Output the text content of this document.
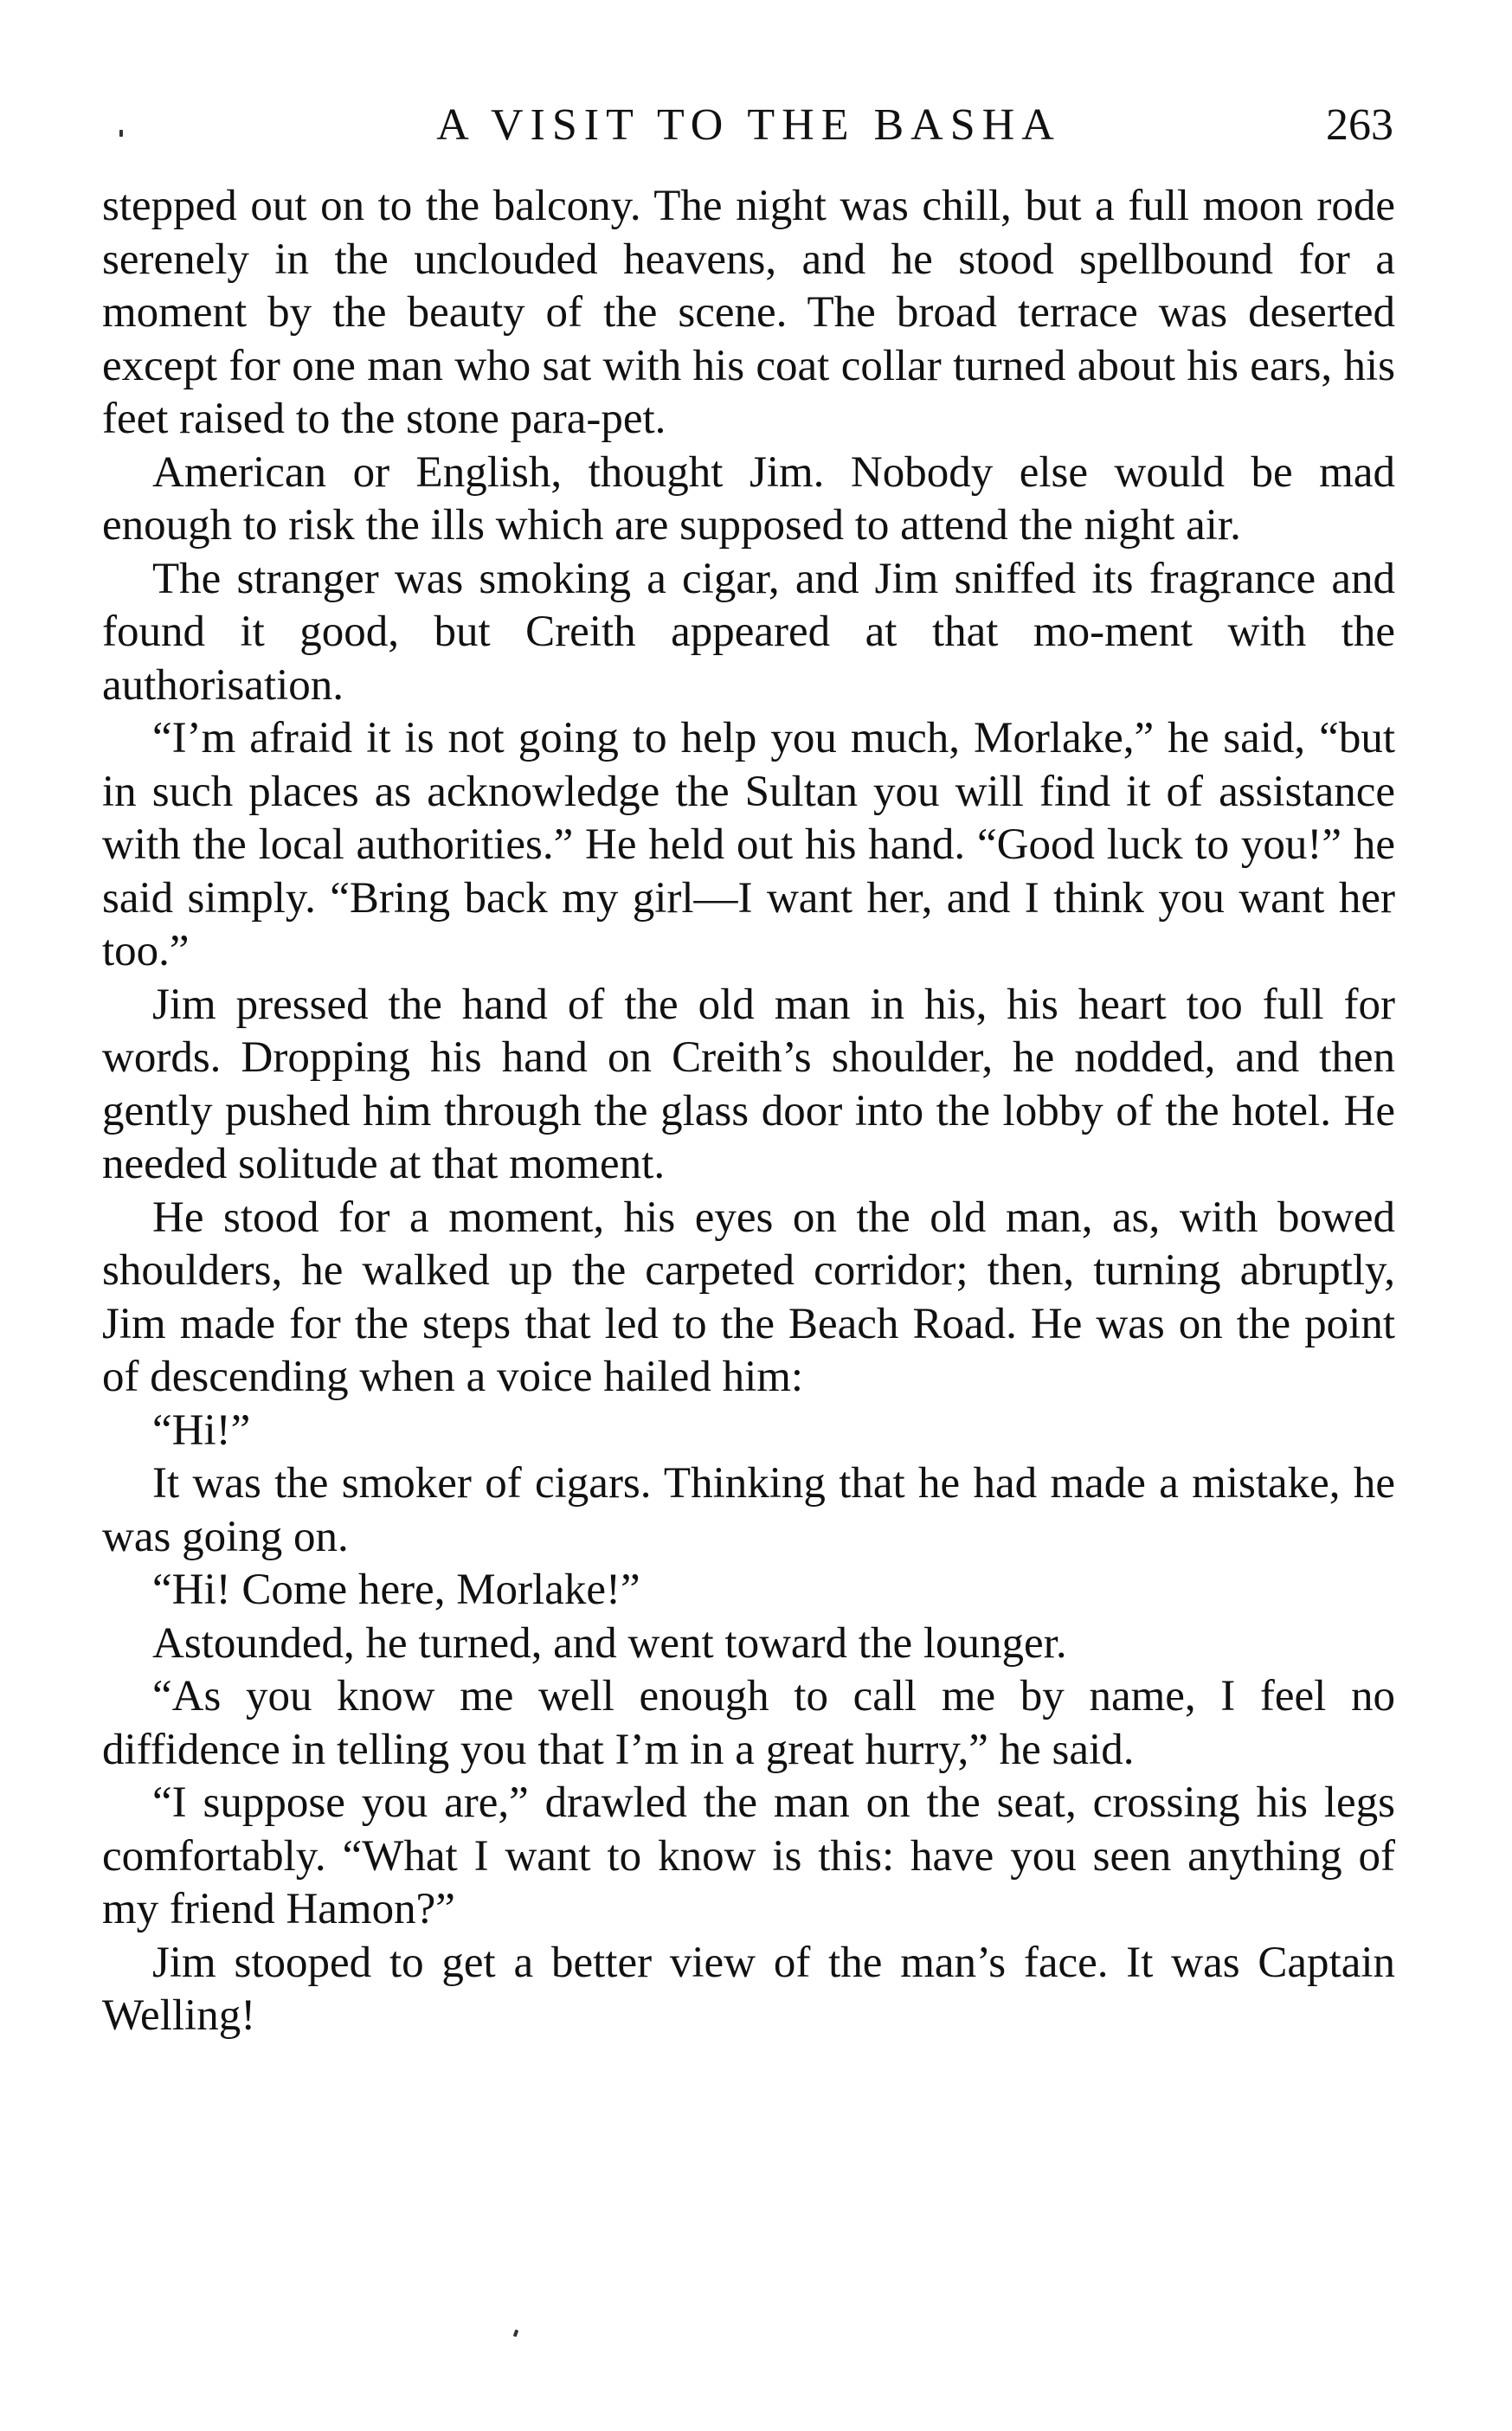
A VISIT TO THE BASHA	263

stepped out on to the balcony. The night was chill, but a full moon rode serenely in the unclouded heavens, and he stood spellbound for a moment by the beauty of the scene. The broad terrace was deserted except for one man who sat with his coat collar turned about his ears, his feet raised to the stone para-pet.

American or English, thought Jim. Nobody else would be mad enough to risk the ills which are supposed to attend the night air.

The stranger was smoking a cigar, and Jim sniffed its fragrance and found it good, but Creith appeared at that mo-ment with the authorisation.

“I’m afraid it is not going to help you much, Morlake,” he said, “but in such places as acknowledge the Sultan you will find it of assistance with the local authorities.” He held out his hand. “Good luck to you!” he said simply. “Bring back my girl—I want her, and I think you want her too.”

Jim pressed the hand of the old man in his, his heart too full for words. Dropping his hand on Creith’s shoulder, he nodded, and then gently pushed him through the glass door into the lobby of the hotel. He needed solitude at that moment.

He stood for a moment, his eyes on the old man, as, with bowed shoulders, he walked up the carpeted corridor; then, turning abruptly, Jim made for the steps that led to the Beach Road. He was on the point of descending when a voice hailed him:

“Hi!”

It was the smoker of cigars. Thinking that he had made a mistake, he was going on.

“Hi! Come here, Morlake!”

Astounded, he turned, and went toward the lounger.

“As you know me well enough to call me by name, I feel no diffidence in telling you that I’m in a great hurry,” he said.

“I suppose you are,” drawled the man on the seat, crossing his legs comfortably. “What I want to know is this: have you seen anything of my friend Hamon?”

Jim stooped to get a better view of the man’s face. It was Captain Welling!
